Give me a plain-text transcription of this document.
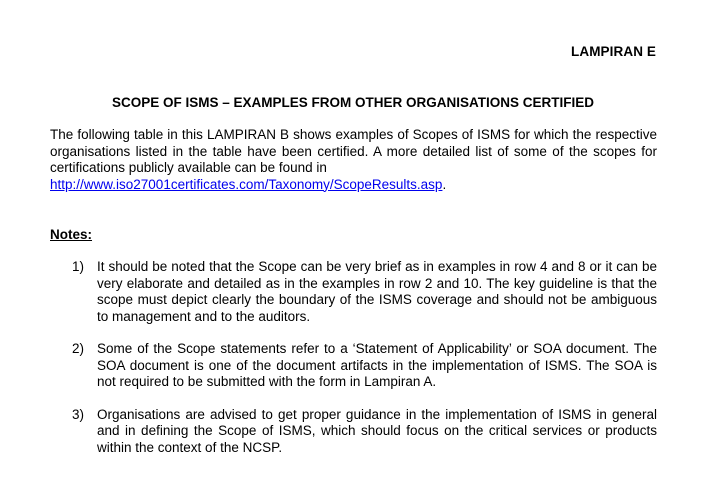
LAMPIRAN E
SCOPE OF ISMS – EXAMPLES FROM OTHER ORGANISATIONS CERTIFIED

The following table in this LAMPIRAN B shows examples of Scopes of ISMS for which the respective organisations listed in the table have been certified. A more detailed list of some of the scopes for certifications publicly available can be found in
http://www.iso27001certificates.com/Taxonomy/ScopeResults.asp.

Notes:
1) It should be noted that the Scope can be very brief as in examples in row 4 and 8 or it can be very elaborate and detailed as in the examples in row 2 and 10. The key guideline is that the scope must depict clearly the boundary of the ISMS coverage and should not be ambiguous to management and to the auditors.
2) Some of the Scope statements refer to a ‘Statement of Applicability’ or SOA document. The SOA document is one of the document artifacts in the implementation of ISMS. The SOA is not required to be submitted with the form in Lampiran A.
3) Organisations are advised to get proper guidance in the implementation of ISMS in general and in defining the Scope of ISMS, which should focus on the critical services or products within the context of the NCSP.
